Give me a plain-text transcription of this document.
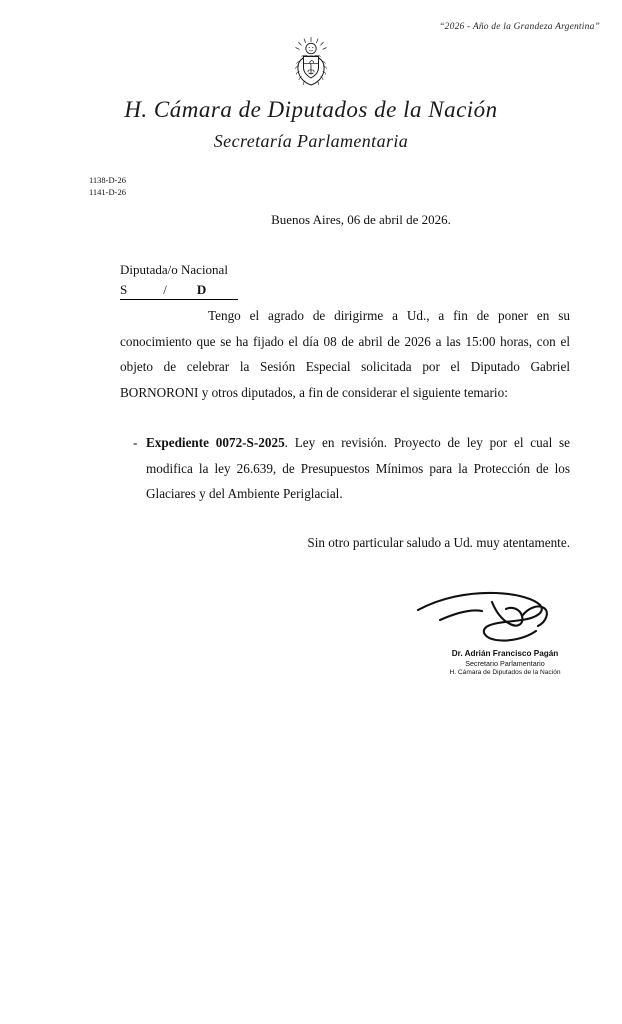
“2026 - Año de la Grandeza Argentina”
H. Cámara de Diputados de la Nación
Secretaría Parlamentaria
1138-D-26
1141-D-26
Buenos Aires, 06 de abril de 2026.
Diputada/o Nacional
S	/ D

Tengo el agrado de dirigirme a Ud., a fin de poner en su conocimiento que se ha fijado el día 08 de abril de 2026 a las 15:00 horas, con el objeto de celebrar la Sesión Especial solicitada por el Diputado Gabriel BORNORONI y otros diputados, a fin de considerar el siguiente temario:

- Expediente 0072-S-2025. Ley en revisión. Proyecto de ley por el cual se modifica la ley 26.639, de Presupuestos Mínimos para la Protección de los Glaciares y del Ambiente Periglacial.
Sin otro particular saludo a Ud. muy atentamente.
Dr. Adrián Francisco Pagán
Secretario Parlamentario
H. Cámara de Diputados de la Nación
